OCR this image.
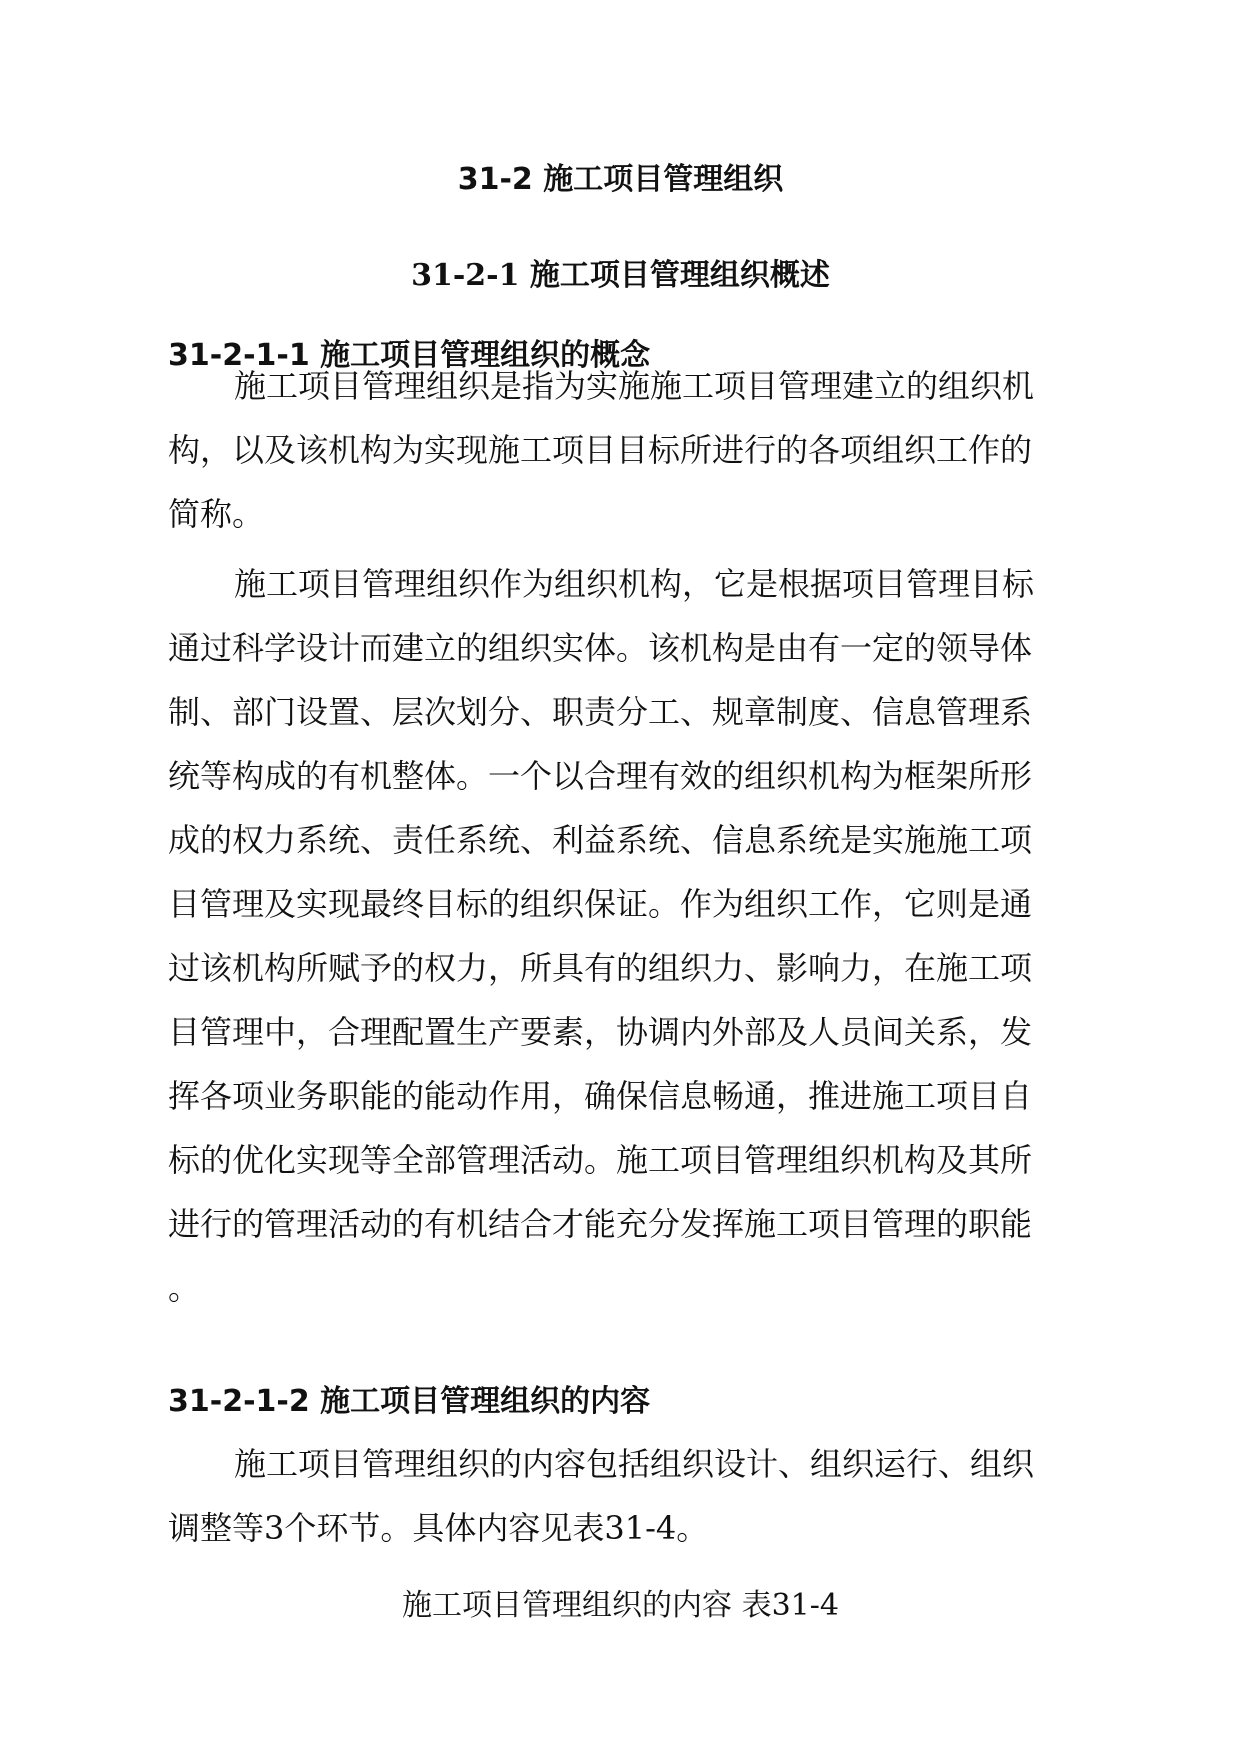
31-2 施工项目管理组织
31-2-1 施工项目管理组织概述
31-2-1-1 施工项目管理组织的概念
施工项目管理组织是指为实施施工项目管理建立的组织机
构，以及该机构为实现施工项目目标所进行的各项组织工作的
简称。
施工项目管理组织作为组织机构，它是根据项目管理目标
通过科学设计而建立的组织实体。该机构是由有一定的领导体
制、部门设置、层次划分、职责分工、规章制度、信息管理系
统等构成的有机整体。一个以合理有效的组织机构为框架所形
成的权力系统、责任系统、利益系统、信息系统是实施施工项
目管理及实现最终目标的组织保证。作为组织工作，它则是通
过该机构所赋予的权力，所具有的组织力、影响力，在施工项
目管理中，合理配置生产要素，协调内外部及人员间关系，发
挥各项业务职能的能动作用，确保信息畅通，推进施工项目自
标的优化实现等全部管理活动。施工项目管理组织机构及其所
进行的管理活动的有机结合才能充分发挥施工项目管理的职能
。
31-2-1-2 施工项目管理组织的内容
施工项目管理组织的内容包括组织设计、组织运行、组织
调整等3个环节。具体内容见表31-4。
施工项目管理组织的内容 表31-4
